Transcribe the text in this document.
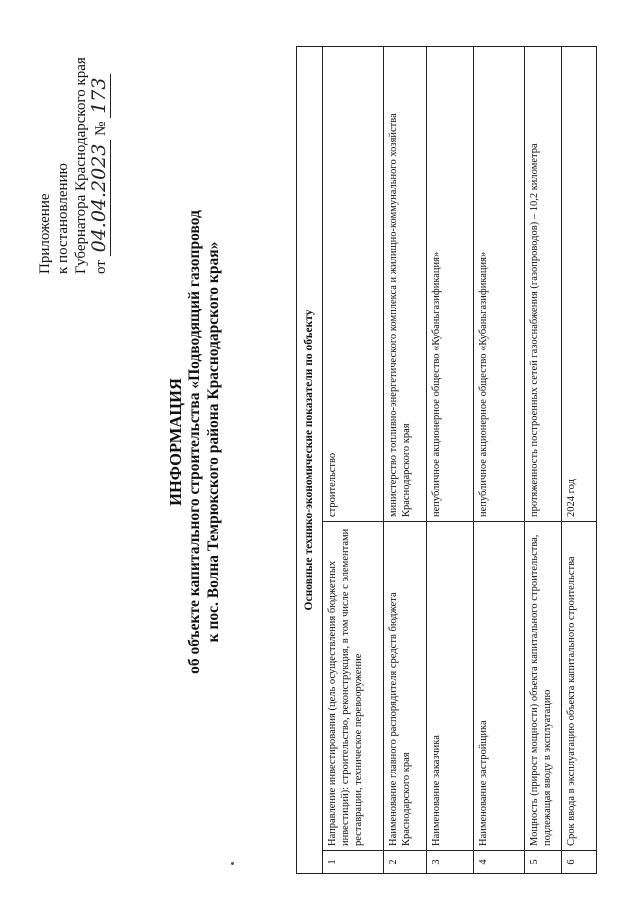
Приложение к постановлению Губернатора Краснодарского края от 04.04.2023 № 173
ИНФОРМАЦИЯ об объекте капитального строительства «Подводящий газопровод к пос. Волна Темрюкского района Краснодарского края»	Основные технико-экономические показатели по объекту		
1	Направление инвестирования (цель осуществления бюджетных инвестиций): строительство, реконструкция, в том числе с элементами реставрации, техническое перевооружение	строительство
2	Наименование главного распорядителя средств бюджета Краснодарского края	министерство топливно-энергетического комплекса и жилищно-коммунального хозяйства Краснодарского края
3	Наименование заказчика	непубличное акционерное общество «Кубаньгазификация»
4	Наименование застройщика	непубличное акционерное общество «Кубаньгазификация»
5	Мощность (прирост мощности) объекта капитального строительства, подлежащая вводу в эксплуатацию	протяженность построенных сетей газоснабжения (газопроводов) – 10,2 километра
6	Срок ввода в эксплуатацию объекта капитального строительства	2024 год
